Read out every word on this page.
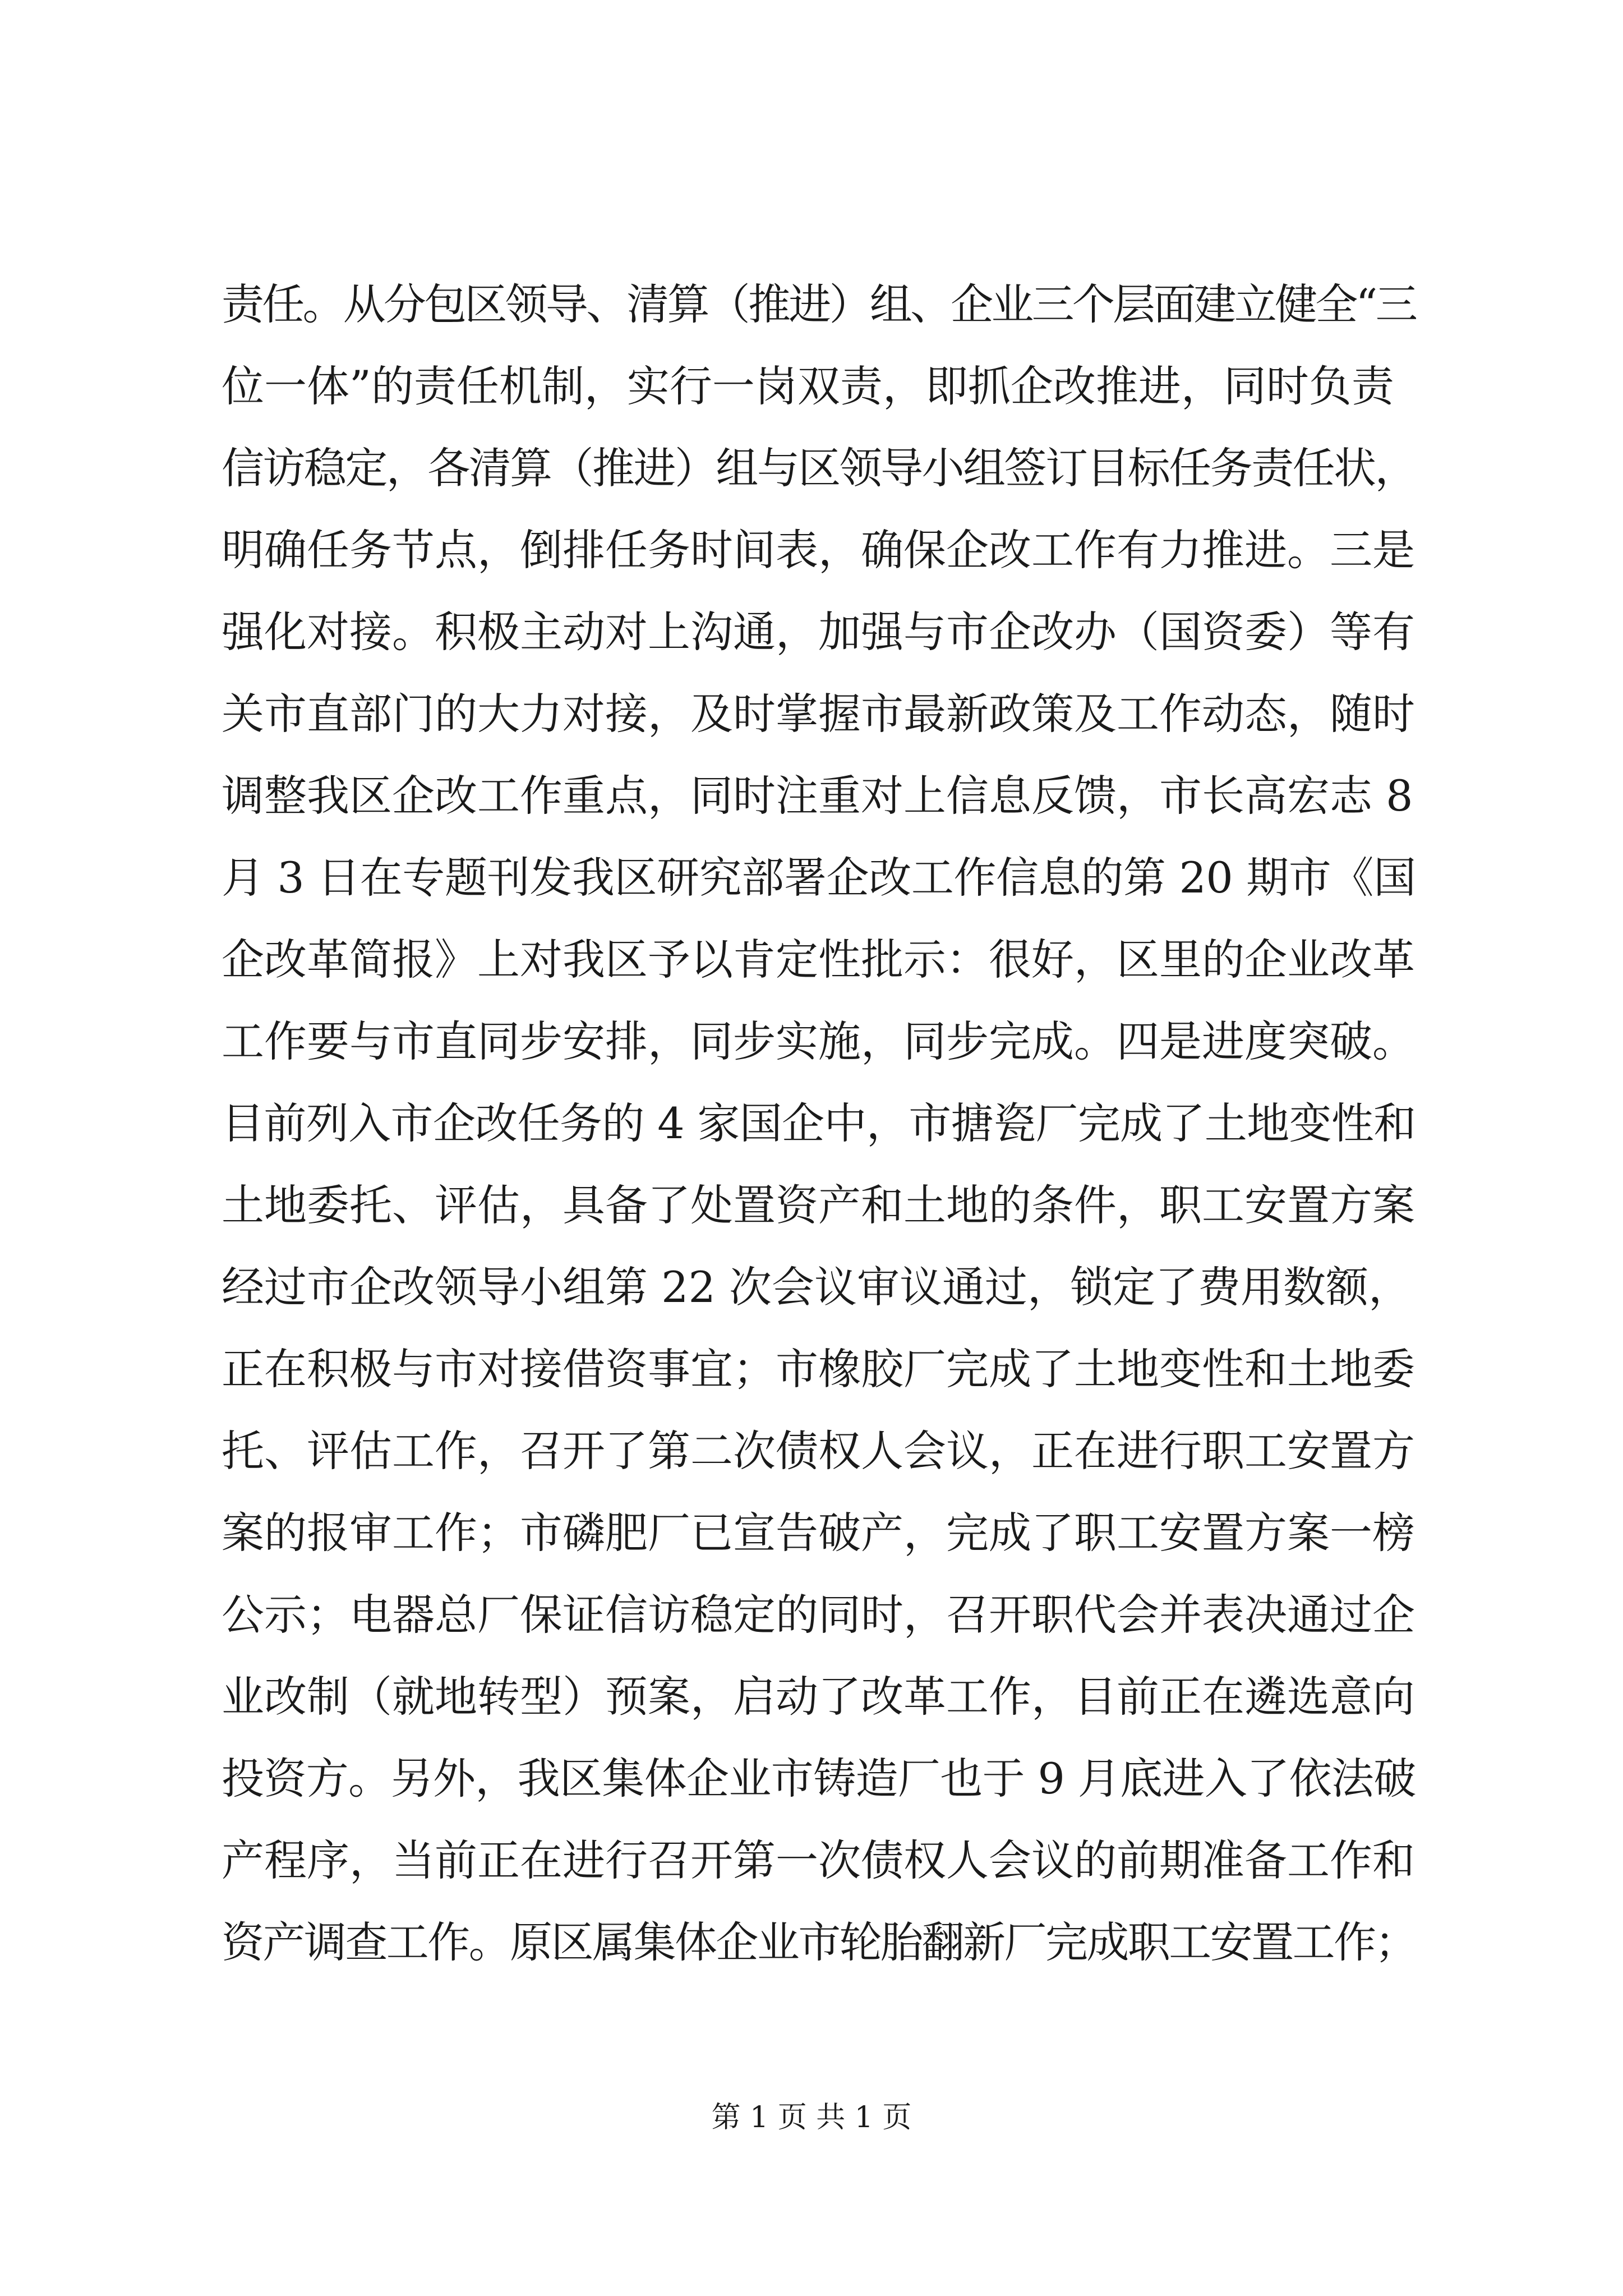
责任。从分包区领导、清算（推进）组、企业三个层面建立健全“三
位一体”的责任机制，实行一岗双责，即抓企改推进，同时负责
信访稳定，各清算（推进）组与区领导小组签订目标任务责任状，
明确任务节点，倒排任务时间表，确保企改工作有力推进。三是
强化对接。积极主动对上沟通，加强与市企改办（国资委）等有
关市直部门的大力对接，及时掌握市最新政策及工作动态，随时
调整我区企改工作重点，同时注重对上信息反馈，市长高宏志 8
月 3 日在专题刊发我区研究部署企改工作信息的第 20 期市《国
企改革简报》上对我区予以肯定性批示：很好，区里的企业改革
工作要与市直同步安排，同步实施，同步完成。四是进度突破。
目前列入市企改任务的 4 家国企中，市搪瓷厂完成了土地变性和
土地委托、评估，具备了处置资产和土地的条件，职工安置方案
经过市企改领导小组第 22 次会议审议通过，锁定了费用数额，
正在积极与市对接借资事宜；市橡胶厂完成了土地变性和土地委
托、评估工作，召开了第二次债权人会议，正在进行职工安置方
案的报审工作；市磷肥厂已宣告破产，完成了职工安置方案一榜
公示；电器总厂保证信访稳定的同时，召开职代会并表决通过企
业改制（就地转型）预案，启动了改革工作，目前正在遴选意向
投资方。另外，我区集体企业市铸造厂也于 9 月底进入了依法破
产程序，当前正在进行召开第一次债权人会议的前期准备工作和
资产调查工作。原区属集体企业市轮胎翻新厂完成职工安置工作；
第 1 页 共 1 页
